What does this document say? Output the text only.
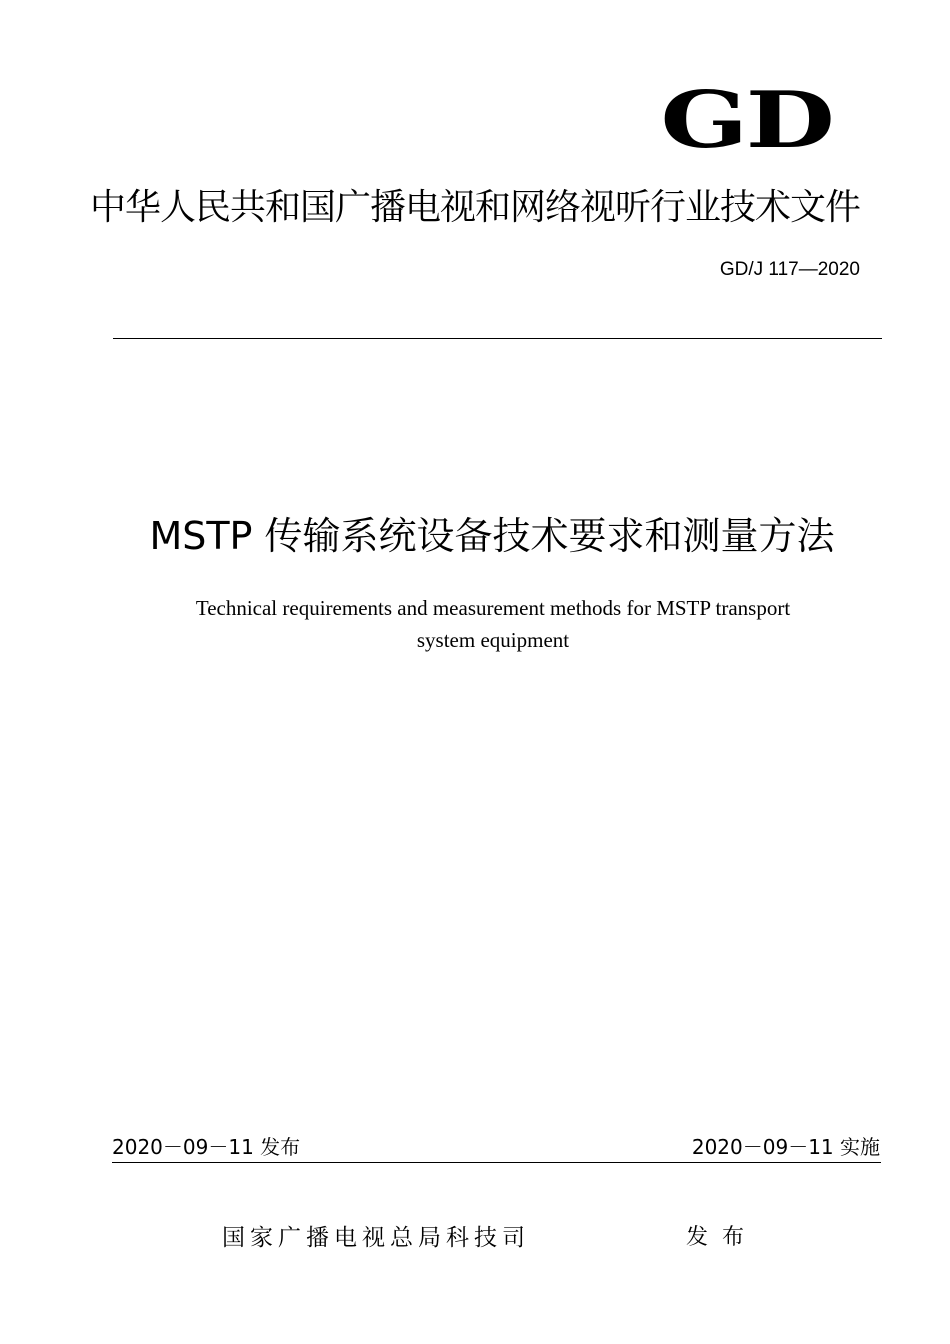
GD
中华人民共和国广播电视和网络视听行业技术文件
GD/J 117—2020
MSTP 传输系统设备技术要求和测量方法
Technical requirements and measurement methods for MSTP transport
system equipment
2020－09－11 发布	2020－09－11 实施
国家广播电视总局科技司	发布
